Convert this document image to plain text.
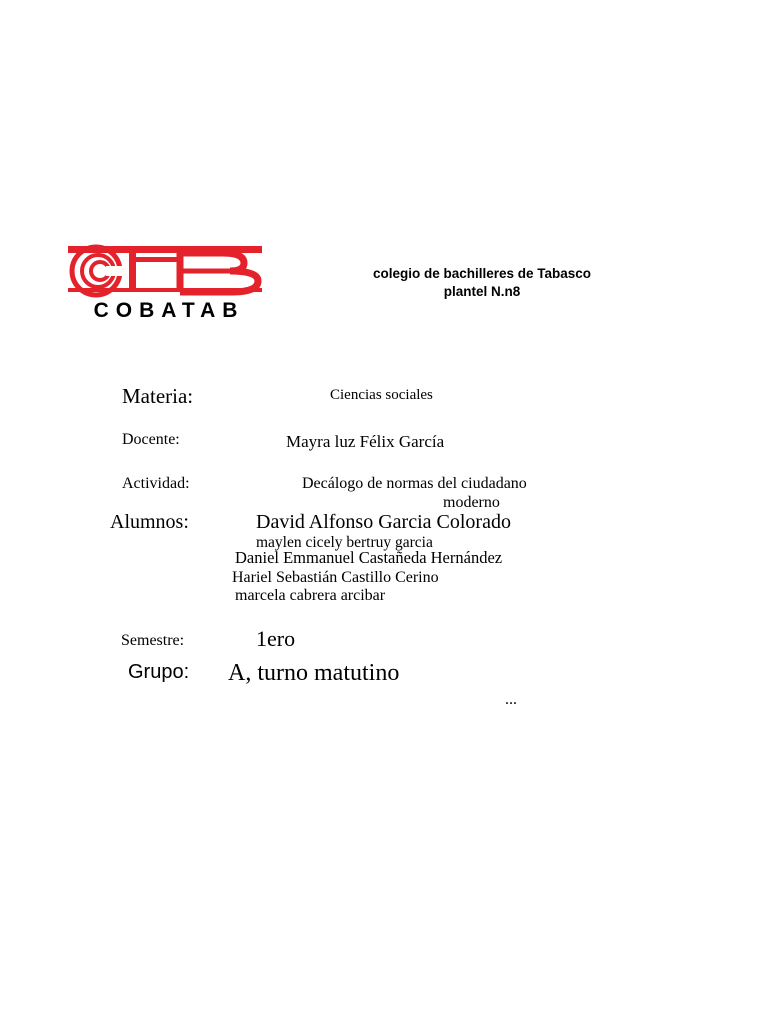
COBATAB
colegio de bachilleres de Tabasco
plantel N.n8
Materia:	Ciencias sociales
Docente:	Mayra luz Félix García
Actividad:	Decálogo de normas del ciudadano
moderno
Alumnos:	David Alfonso Garcia Colorado
maylen cicely bertruy garcia
Daniel Emmanuel Castañeda Hernández
Hariel Sebastián Castillo Cerino
marcela cabrera arcibar
Semestre:	1ero
Grupo: A, turno matutino
...
